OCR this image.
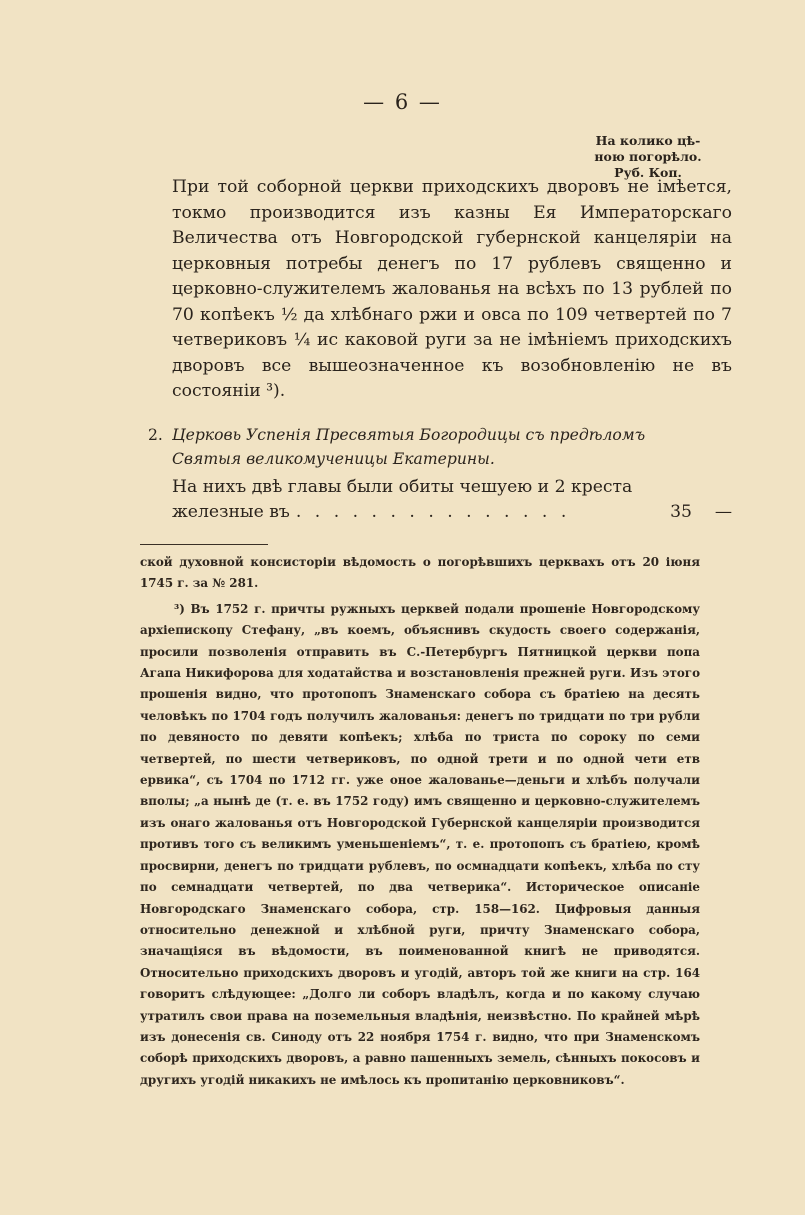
— 6 —
На колико цѣ-
ною погорѣло.
Руб. Коп.

При той соборной церкви приходскихъ дворовъ не імѣется, токмо производится изъ казны Ея Императорскаго Величества отъ Новгородской губернской канцеляріи на церковныя потребы денегъ по 17 рублевъ священно и церковно-служителемъ жалованья на всѣхъ по 13 рублей по 70 копѣекъ ½ да хлѣбнаго ржи и овса по 109 четвертей по 7 четвериковъ ¼ ис каковой руги за не імѣніемъ приходскихъ дворовъ все вышеозначенное къ возобновленію не въ состояніи ³).

2. Церковь Успенія Пресвятыя Богородицы съ предѣломъ
Святыя великомученицы Екатерины.
На нихъ двѣ главы были обиты чешуею и 2 креста
железные въ . . . . . . . . . . . . . . .	35 —

ской духовной консисторіи вѣдомость о погорѣвшихъ церквахъ отъ 20 іюня 1745 г. за № 281.

³) Въ 1752 г. причты ружныхъ церквей подали прошеніе Новгородскому архіепископу Стефану, „въ коемъ, объяснивъ скудость своего содержанія, просили позволенія отправить въ С.-Петербургъ Пятницкой церкви попа Агапа Никифорова для ходатайства и возстановленія прежней руги. Изъ этого прошенія видно, что протопопъ Знаменскаго собора съ братіею на десять человѣкъ по 1704 годъ получилъ жалованья: денегъ по тридцати по три рубли по девяносто по девяти копѣекъ; хлѣба по триста по сороку по семи четвертей, по шести четвериковъ, по одной трети и по одной чети етв ервика“, съ 1704 по 1712 гг. уже оное жалованье—деньги и хлѣбъ получали вполы; „а нынѣ де (т. е. въ 1752 году) имъ священно и церковно-служителемъ изъ онаго жалованья отъ Новгородской Губернской канцеляріи производится противъ того съ великимъ уменьшеніемъ“, т. е. протопопъ съ братіею, кромѣ просвирни, денегъ по тридцати рублевъ, по осмнадцати копѣекъ, хлѣба по сту по семнадцати четвертей, по два четверика“. Историческое описаніе Новгородскаго Знаменскаго собора, стр. 158—162. Цифровыя данныя относительно денежной и хлѣбной руги, причту Знаменскаго собора, значащіяся въ вѣдомости, въ поименованной книгѣ не приводятся. Относительно приходскихъ дворовъ и угодій, авторъ той же книги на стр. 164 говоритъ слѣдующее: „Долго ли соборъ владѣлъ, когда и по какому случаю утратилъ свои права на поземельныя владѣнія, неизвѣстно. По крайней мѣрѣ изъ донесенія св. Синоду отъ 22 ноября 1754 г. видно, что при Знаменскомъ соборѣ приходскихъ дворовъ, а равно пашенныхъ земель, сѣнныхъ покосовъ и другихъ угодій никакихъ не имѣлось къ пропитанію церковниковъ“.
